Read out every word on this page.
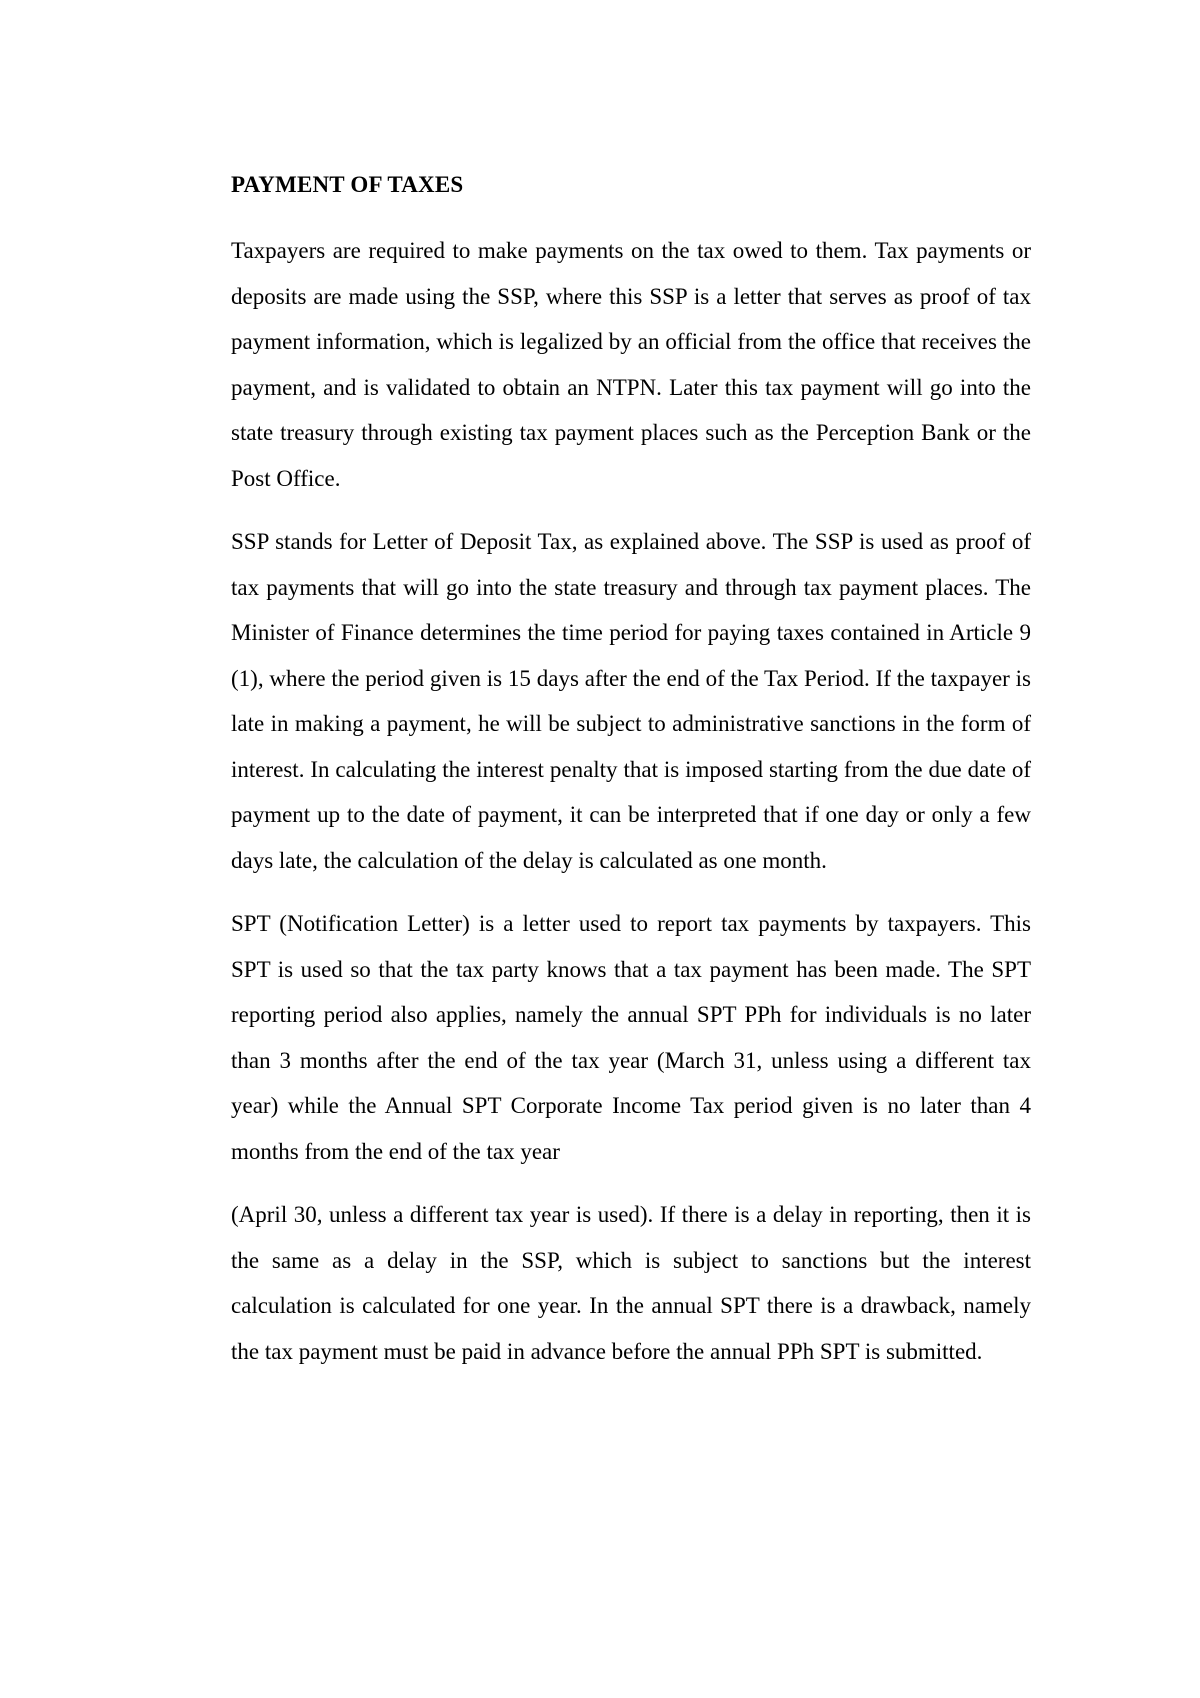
PAYMENT OF TAXES

Taxpayers are required to make payments on the tax owed to them. Tax payments or deposits are made using the SSP, where this SSP is a letter that serves as proof of tax payment information, which is legalized by an official from the office that receives the payment, and is validated to obtain an NTPN. Later this tax payment will go into the state treasury through existing tax payment places such as the Perception Bank or the Post Office.

SSP stands for Letter of Deposit Tax, as explained above. The SSP is used as proof of tax payments that will go into the state treasury and through tax payment places. The Minister of Finance determines the time period for paying taxes contained in Article 9 (1), where the period given is 15 days after the end of the Tax Period. If the taxpayer is late in making a payment, he will be subject to administrative sanctions in the form of interest. In calculating the interest penalty that is imposed starting from the due date of payment up to the date of payment, it can be interpreted that if one day or only a few days late, the calculation of the delay is calculated as one month.

SPT (Notification Letter) is a letter used to report tax payments by taxpayers. This SPT is used so that the tax party knows that a tax payment has been made. The SPT reporting period also applies, namely the annual SPT PPh for individuals is no later than 3 months after the end of the tax year (March 31, unless using a different tax year) while the Annual SPT Corporate Income Tax period given is no later than 4 months from the end of the tax year

(April 30, unless a different tax year is used). If there is a delay in reporting, then it is the same as a delay in the SSP, which is subject to sanctions but the interest calculation is calculated for one year. In the annual SPT there is a drawback, namely the tax payment must be paid in advance before the annual PPh SPT is submitted.
